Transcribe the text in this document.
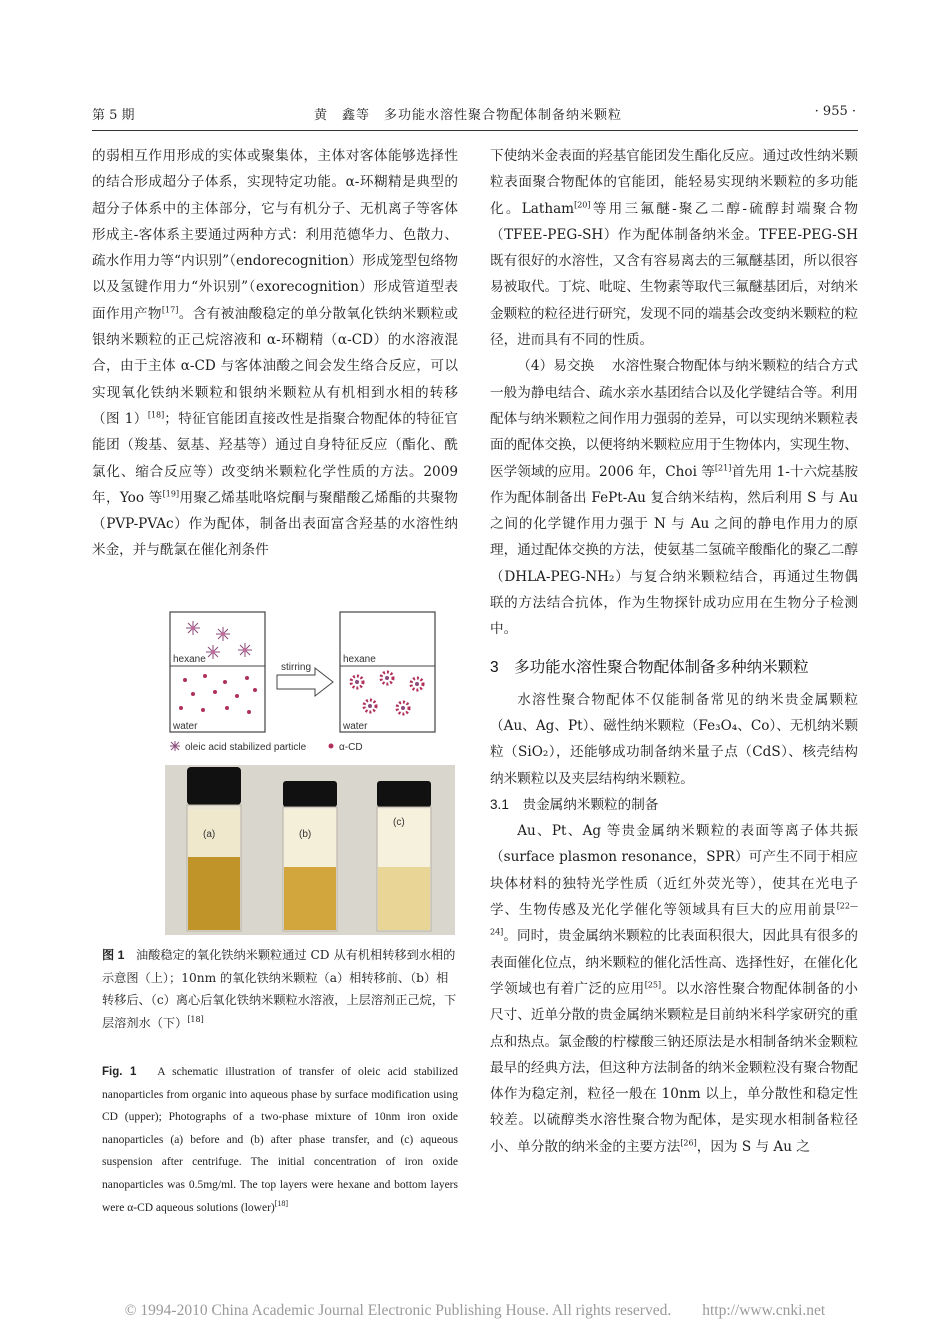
第 5 期	黄　鑫等　多功能水溶性聚合物配体制备纳米颗粒	· 955 ·

的弱相互作用形成的实体或聚集体，主体对客体能够选择性的结合形成超分子体系，实现特定功能。α-环糊精是典型的超分子体系中的主体部分，它与有机分子、无机离子等客体形成主-客体系主要通过两种方式：利用范德华力、色散力、疏水作用力等“内识别”（endorecognition）形成笼型包络物以及氢键作用力“外识别”（exorecognition）形成管道型表面作用产物[17]。含有被油酸稳定的单分散氧化铁纳米颗粒或银纳米颗粒的正己烷溶液和 α-环糊精（α-CD）的水溶液混合，由于主体 α-CD 与客体油酸之间会发生络合反应，可以实现氧化铁纳米颗粒和银纳米颗粒从有机相到水相的转移（图 1）[18]；特征官能团直接改性是指聚合物配体的特征官能团（羧基、氨基、羟基等）通过自身特征反应（酯化、酰氯化、缩合反应等）改变纳米颗粒化学性质的方法。2009 年，Yoo 等[19]用聚乙烯基吡咯烷酮与聚醋酸乙烯酯的共聚物（PVP-PVAc）作为配体，制备出表面富含羟基的水溶性纳米金，并与酰氯在催化剂条件

hexane
water
stirring
hexane
water
oleic acid stabilized particle	α-CD
(a)	(b)
(c)
图 1 油酸稳定的氧化铁纳米颗粒通过 CD 从有机相转移到水相的示意图（上）；10nm 的氧化铁纳米颗粒（a）相转移前、（b）相转移后、（c）离心后氧化铁纳米颗粒水溶液，上层溶剂正己烷，下层溶剂水（下）[18]
Fig. 1 A schematic illustration of transfer of oleic acid stabilized nanoparticles from organic into aqueous phase by surface modification using CD (upper); Photographs of a two-phase mixture of 10nm iron oxide nanoparticles (a) before and (b) after phase transfer, and (c) aqueous suspension after centrifuge. The initial concentration of iron oxide nanoparticles was 0.5mg/ml. The top layers were hexane and bottom layers were α-CD aqueous solutions (lower)[18]

下使纳米金表面的羟基官能团发生酯化反应。通过改性纳米颗粒表面聚合物配体的官能团，能轻易实现纳米颗粒的多功能化。Latham[20]等用三氟醚-聚乙二醇-硫醇封端聚合物（TFEE-PEG-SH）作为配体制备纳米金。TFEE-PEG-SH 既有很好的水溶性，又含有容易离去的三氟醚基团，所以很容易被取代。丁烷、吡啶、生物素等取代三氟醚基团后，对纳米金颗粒的粒径进行研究，发现不同的端基会改变纳米颗粒的粒径，进而具有不同的性质。

（4）易交换 水溶性聚合物配体与纳米颗粒的结合方式一般为静电结合、疏水亲水基团结合以及化学键结合等。利用配体与纳米颗粒之间作用力强弱的差异，可以实现纳米颗粒表面的配体交换，以便将纳米颗粒应用于生物体内，实现生物、医学领域的应用。2006 年，Choi 等[21]首先用 1-十六烷基胺作为配体制备出 FePt-Au 复合纳米结构，然后利用 S 与 Au 之间的化学键作用力强于 N 与 Au 之间的静电作用力的原理，通过配体交换的方法，使氨基二氢硫辛酸酯化的聚乙二醇（DHLA-PEG-NH₂）与复合纳米颗粒结合，再通过生物偶联的方法结合抗体，作为生物探针成功应用在生物分子检测中。

3　多功能水溶性聚合物配体制备多种纳米颗粒

水溶性聚合物配体不仅能制备常见的纳米贵金属颗粒（Au、Ag、Pt）、磁性纳米颗粒（Fe₃O₄、Co）、无机纳米颗粒（SiO₂），还能够成功制备纳米量子点（CdS）、核壳结构纳米颗粒以及夹层结构纳米颗粒。

3.1　贵金属纳米颗粒的制备

Au、Pt、Ag 等贵金属纳米颗粒的表面等离子体共振（surface plasmon resonance，SPR）可产生不同于相应块体材料的独特光学性质（近红外荧光等），使其在光电子学、生物传感及光化学催化等领域具有巨大的应用前景[22—24]。同时，贵金属纳米颗粒的比表面积很大，因此具有很多的表面催化位点，纳米颗粒的催化活性高、选择性好，在催化化学领域也有着广泛的应用[25]。以水溶性聚合物配体制备的小尺寸、近单分散的贵金属纳米颗粒是目前纳米科学家研究的重点和热点。氯金酸的柠檬酸三钠还原法是水相制备纳米金颗粒最早的经典方法，但这种方法制备的纳米金颗粒没有聚合物配体作为稳定剂，粒径一般在 10nm 以上，单分散性和稳定性较差。以硫醇类水溶性聚合物为配体，是实现水相制备粒径小、单分散的纳米金的主要方法[26]，因为 S 与 Au 之

© 1994-2010 China Academic Journal Electronic Publishing House. All rights reserved.　　http://www.cnki.net
